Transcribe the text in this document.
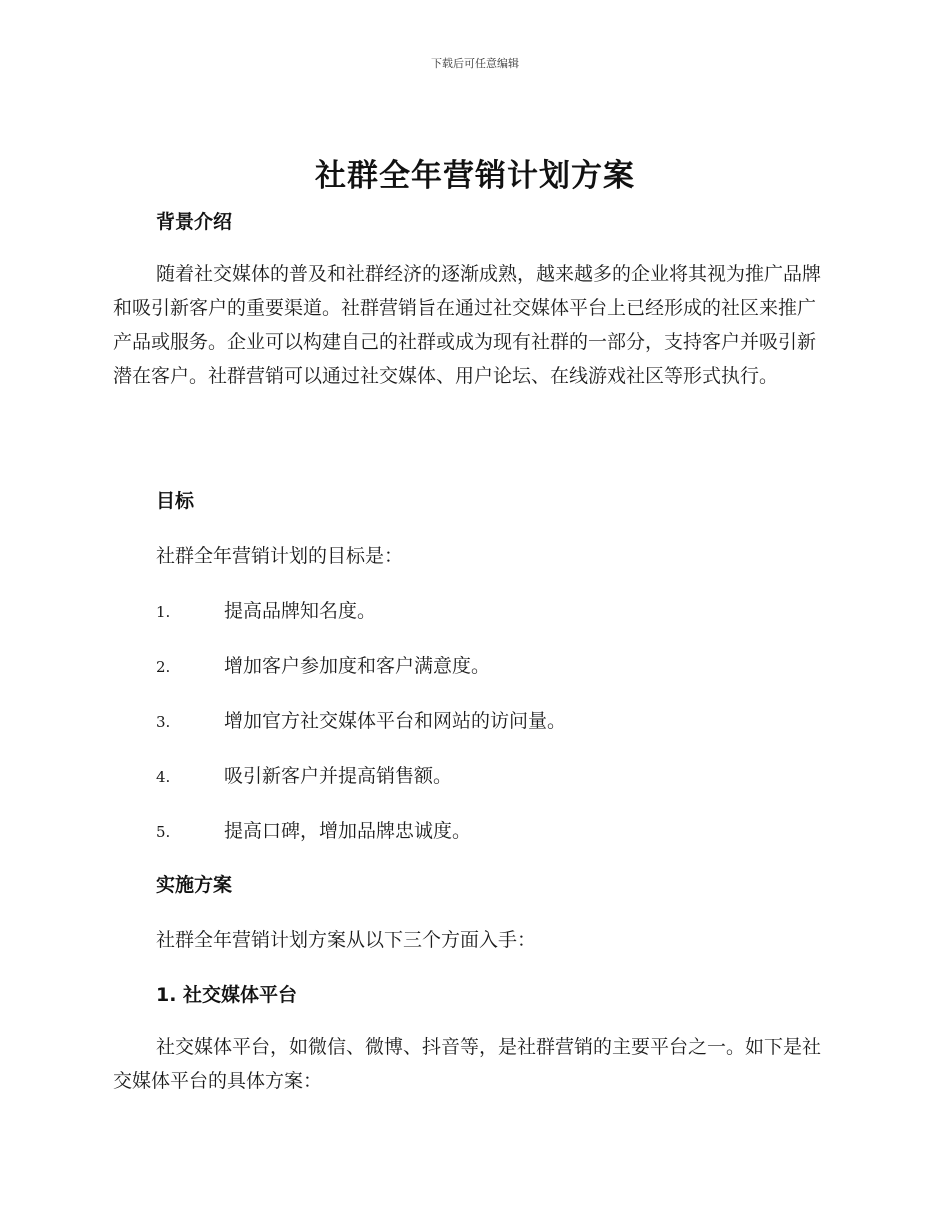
下载后可任意编辑
社群全年营销计划方案
背景介绍
随着社交媒体的普及和社群经济的逐渐成熟，越来越多的企业将其视为推广品牌和吸引新客户的重要渠道。社群营销旨在通过社交媒体平台上已经形成的社区来推广产品或服务。企业可以构建自己的社群或成为现有社群的一部分，支持客户并吸引新潜在客户。社群营销可以通过社交媒体、用户论坛、在线游戏社区等形式执行。
目标
社群全年营销计划的目标是：
1.	提高品牌知名度。
2.	增加客户参加度和客户满意度。
3.	增加官方社交媒体平台和网站的访问量。
4.	吸引新客户并提高销售额。
5.	提高口碑，增加品牌忠诚度。
实施方案
社群全年营销计划方案从以下三个方面入手：
1. 社交媒体平台
社交媒体平台，如微信、微博、抖音等，是社群营销的主要平台之一。如下是社交媒体平台的具体方案：
